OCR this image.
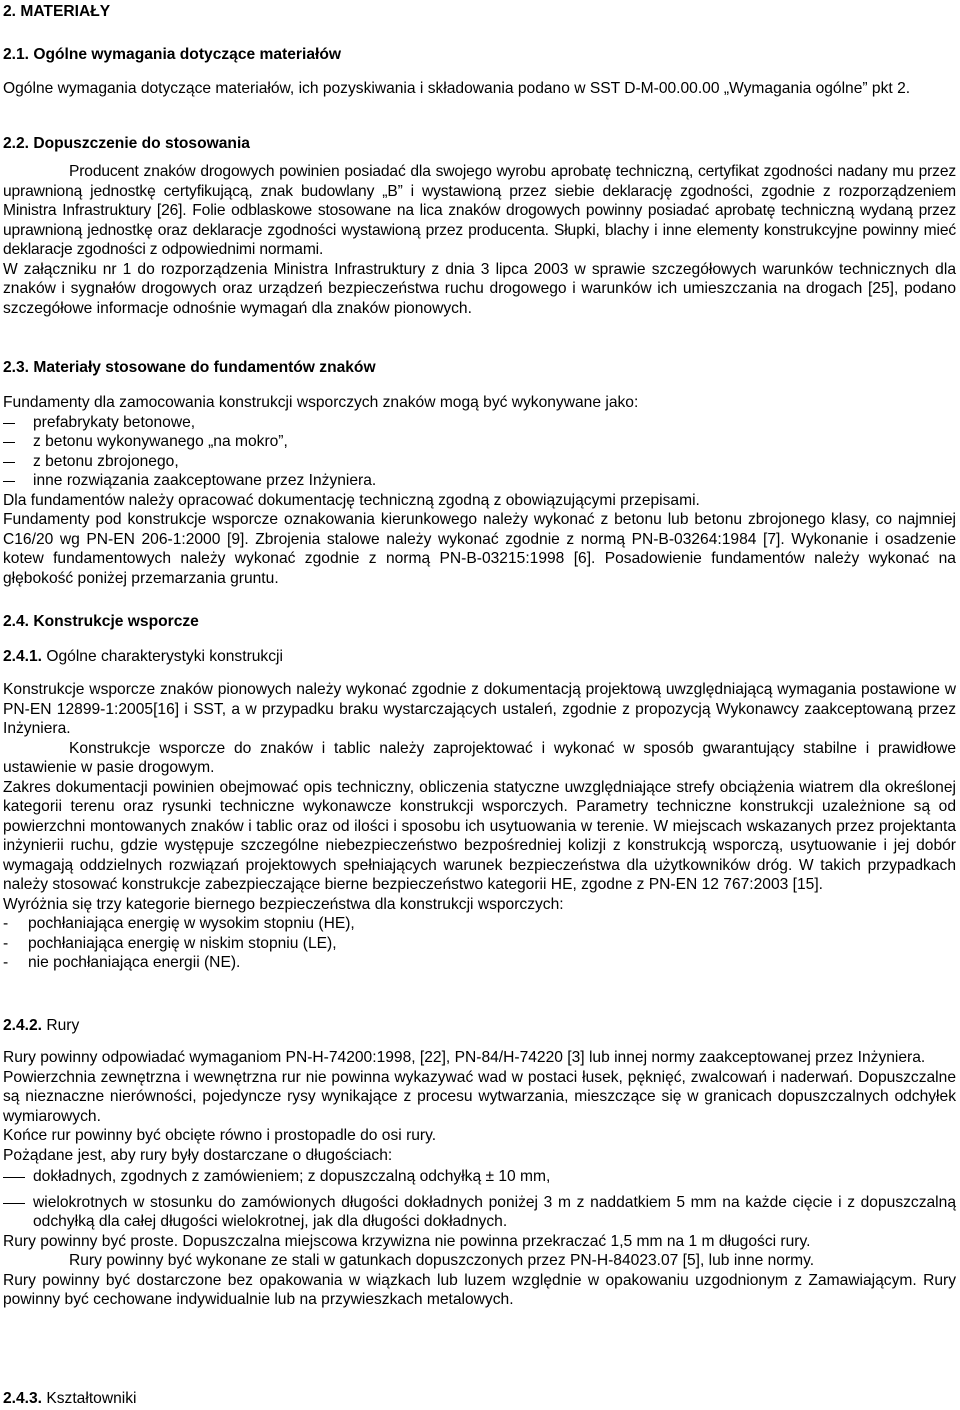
2. MATERIAŁY
2.1. Ogólne wymagania dotyczące materiałów

Ogólne wymagania dotyczące materiałów, ich pozyskiwania i składowania podano w SST D-M-00.00.00 „Wymagania ogólne” pkt 2.

2.2. Dopuszczenie do stosowania

Producent znaków drogowych powinien posiadać dla swojego wyrobu aprobatę techniczną, certyfikat zgodności nadany mu przez uprawnioną jednostkę certyfikującą, znak budowlany „B” i wystawioną przez siebie deklarację zgodności, zgodnie z rozporządzeniem Ministra Infrastruktury [26]. Folie odblaskowe stosowane na lica znaków drogowych powinny posiadać aprobatę techniczną wydaną przez uprawnioną jednostkę oraz deklaracje zgodności wystawioną przez producenta. Słupki, blachy i inne elementy konstrukcyjne powinny mieć deklaracje zgodności z odpowiednimi normami.

W załączniku nr 1 do rozporządzenia Ministra Infrastruktury z dnia 3 lipca 2003 w sprawie szczegółowych warunków technicznych dla znaków i sygnałów drogowych oraz urządzeń bezpieczeństwa ruchu drogowego i warunków ich umieszczania na drogach [25], podano szczegółowe informacje odnośnie wymagań dla znaków pionowych.

2.3. Materiały stosowane do fundamentów znaków

Fundamenty dla zamocowania konstrukcji wsporczych znaków mogą być wykonywane jako:

prefabrykaty betonowe,

z betonu wykonywanego „na mokro”,

z betonu zbrojonego,

inne rozwiązania zaakceptowane przez Inżyniera.

Dla fundamentów należy opracować dokumentację techniczną zgodną z obowiązującymi przepisami.

Fundamenty pod konstrukcje wsporcze oznakowania kierunkowego należy wykonać z betonu lub betonu zbrojonego klasy, co najmniej C16/20 wg PN-EN 206-1:2000 [9]. Zbrojenia stalowe należy wykonać zgodnie z normą PN-B-03264:1984 [7]. Wykonanie i osadzenie kotew fundamentowych należy wykonać zgodnie z normą PN-B-03215:1998 [6]. Posadowienie fundamentów należy wykonać na głębokość poniżej przemarzania gruntu.

2.4. Konstrukcje wsporcze
2.4.1. Ogólne charakterystyki konstrukcji

Konstrukcje wsporcze znaków pionowych należy wykonać zgodnie z dokumentacją projektową uwzględniającą wymagania postawione w PN-EN 12899-1:2005[16] i SST, a w przypadku braku wystarczających ustaleń, zgodnie z propozycją Wykonawcy zaakceptowaną przez Inżyniera.

Konstrukcje wsporcze do znaków i tablic należy zaprojektować i wykonać w sposób gwarantujący stabilne i prawidłowe ustawienie w pasie drogowym.

Zakres dokumentacji powinien obejmować opis techniczny, obliczenia statyczne uwzględniające strefy obciążenia wiatrem dla określonej kategorii terenu oraz rysunki techniczne wykonawcze konstrukcji wsporczych. Parametry techniczne konstrukcji uzależnione są od powierzchni montowanych znaków i tablic oraz od ilości i sposobu ich usytuowania w terenie. W miejscach wskazanych przez projektanta inżynierii ruchu, gdzie występuje szczególne niebezpieczeństwo bezpośredniej kolizji z konstrukcją wsporczą, usytuowanie i jej dobór wymagają oddzielnych rozwiązań projektowych spełniających warunek bezpieczeństwa dla użytkowników dróg. W takich przypadkach należy stosować konstrukcje zabezpieczające bierne bezpieczeństwo kategorii HE, zgodne z PN-EN 12 767:2003 [15].

Wyróżnia się trzy kategorie biernego bezpieczeństwa dla konstrukcji wsporczych:

- pochłaniająca energię w wysokim stopniu (HE),

- pochłaniająca energię w niskim stopniu (LE),

- nie pochłaniająca energii (NE).

2.4.2. Rury

Rury powinny odpowiadać wymaganiom PN-H-74200:1998, [22], PN-84/H-74220 [3] lub innej normy zaakceptowanej przez Inżyniera.

Powierzchnia zewnętrzna i wewnętrzna rur nie powinna wykazywać wad w postaci łusek, pęknięć, zwalcowań i naderwań. Dopuszczalne są nieznaczne nierówności, pojedyncze rysy wynikające z procesu wytwarzania, mieszczące się w granicach dopuszczalnych odchyłek wymiarowych.

Końce rur powinny być obcięte równo i prostopadle do osi rury.

Pożądane jest, aby rury były dostarczane o długościach:

dokładnych, zgodnych z zamówieniem; z dopuszczalną odchyłką ± 10 mm,

wielokrotnych w stosunku do zamówionych długości dokładnych poniżej 3 m z naddatkiem 5 mm na każde cięcie i z dopuszczalną odchyłką dla całej długości wielokrotnej, jak dla długości dokładnych.

Rury powinny być proste. Dopuszczalna miejscowa krzywizna nie powinna przekraczać 1,5 mm na 1 m długości rury.

Rury powinny być wykonane ze stali w gatunkach dopuszczonych przez PN-H-84023.07 [5], lub inne normy.

Rury powinny być dostarczone bez opakowania w wiązkach lub luzem względnie w opakowaniu uzgodnionym z Zamawiającym. Rury powinny być cechowane indywidualnie lub na przywieszkach metalowych.

2.4.3. Kształtowniki
